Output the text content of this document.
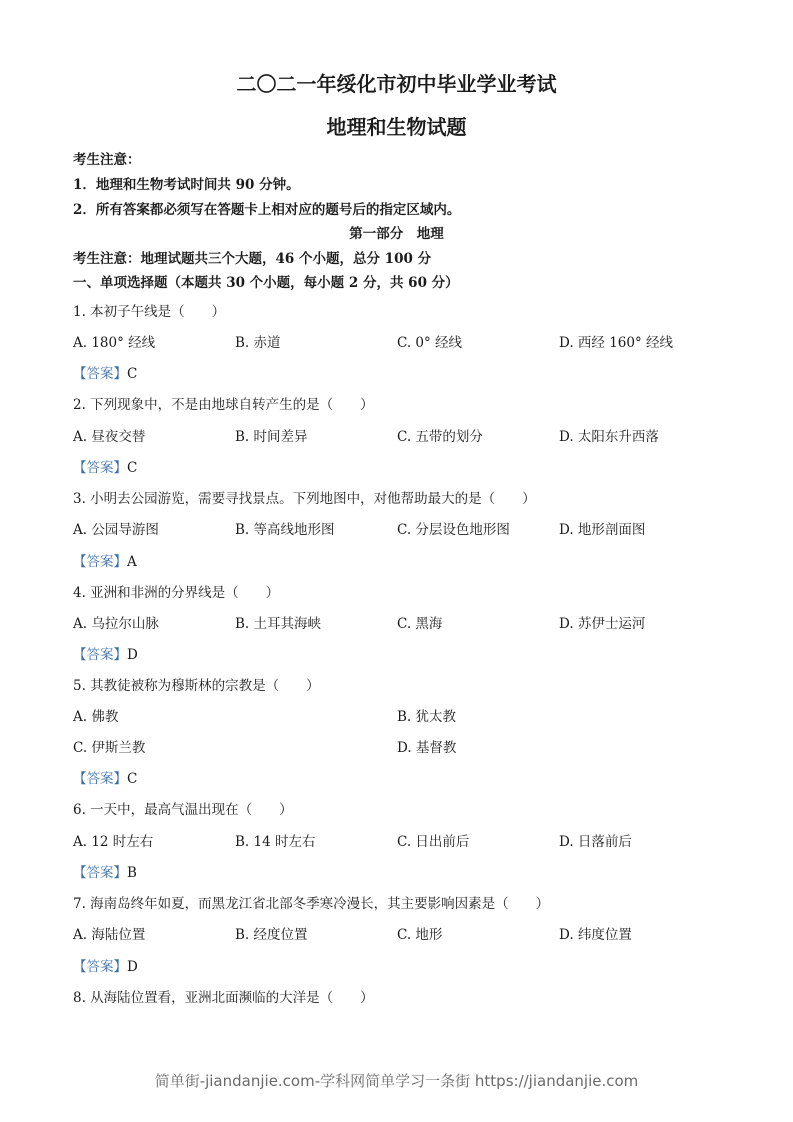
二〇二一年绥化市初中毕业学业考试
地理和生物试题
考生注意：
1．地理和生物考试时间共 90 分钟。
2．所有答案都必须写在答题卡上相对应的题号后的指定区域内。
第一部分　地理
考生注意：地理试题共三个大题，46 个小题，总分 100 分
一、单项选择题（本题共 30 个小题，每小题 2 分，共 60 分）
1. 本初子午线是（　　）
A. 180° 经线	B. 赤道	C. 0° 经线	D. 西经 160° 经线
【答案】C
2. 下列现象中，不是由地球自转产生的是（　　）
A. 昼夜交替	B. 时间差异	C. 五带的划分	D. 太阳东升西落
【答案】C
3. 小明去公园游览，需要寻找景点。下列地图中，对他帮助最大的是（　　）
A. 公园导游图	B. 等高线地形图	C. 分层设色地形图	D. 地形剖面图
【答案】A
4. 亚洲和非洲的分界线是（　　）
A. 乌拉尔山脉	B. 土耳其海峡	C. 黑海	D. 苏伊士运河
【答案】D
5. 其教徒被称为穆斯林的宗教是（　　）
A. 佛教	B. 犹太教
C. 伊斯兰教	D. 基督教
【答案】C
6. 一天中，最高气温出现在（　　）
A. 12 时左右	B. 14 时左右	C. 日出前后	D. 日落前后
【答案】B
7. 海南岛终年如夏，而黑龙江省北部冬季寒冷漫长，其主要影响因素是（　　）
A. 海陆位置	B. 经度位置	C. 地形	D. 纬度位置
【答案】D
8. 从海陆位置看，亚洲北面濒临的大洋是（　　）
简单街-jiandanjie.com-学科网简单学习一条街 https://jiandanjie.com
